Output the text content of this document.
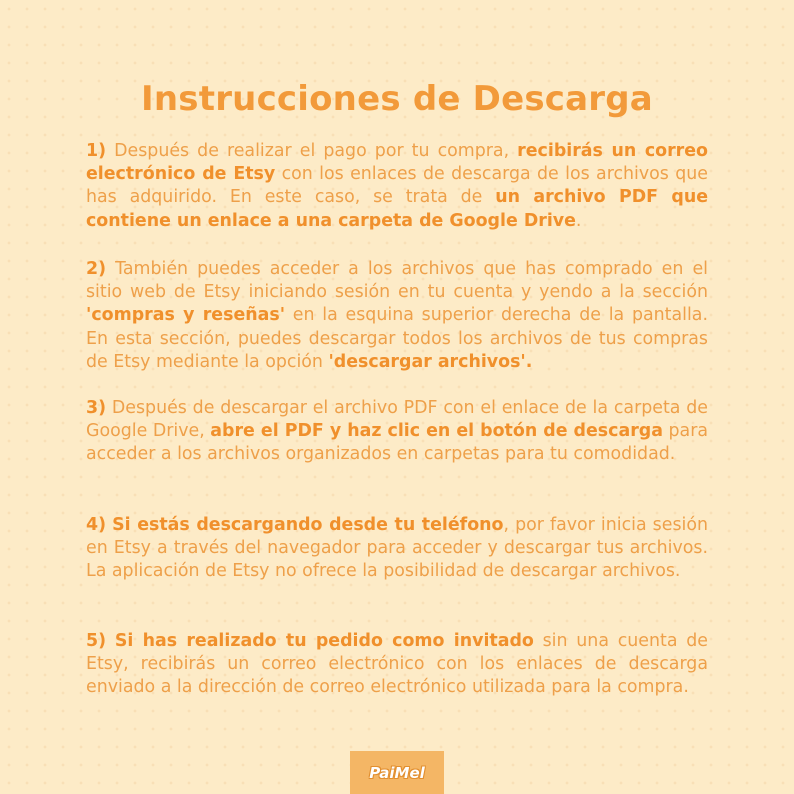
Instrucciones de Descarga

1) Después de realizar el pago por tu compra, recibirás un correo electrónico de Etsy con los enlaces de descarga de los archivos que has adquirido. En este caso, se trata de un archivo PDF que contiene un enlace a una carpeta de Google Drive.

2) También puedes acceder a los archivos que has comprado en el sitio web de Etsy iniciando sesión en tu cuenta y yendo a la sección 'compras y reseñas' en la esquina superior derecha de la pantalla. En esta sección, puedes descargar todos los archivos de tus compras de Etsy mediante la opción 'descargar archivos'.

3) Después de descargar el archivo PDF con el enlace de la carpeta de Google Drive, abre el PDF y haz clic en el botón de descarga para acceder a los archivos organizados en carpetas para tu comodidad.

4) Si estás descargando desde tu teléfono, por favor inicia sesión en Etsy a través del navegador para acceder y descargar tus archivos. La aplicación de Etsy no ofrece la posibilidad de descargar archivos.

5) Si has realizado tu pedido como invitado sin una cuenta de Etsy, recibirás un correo electrónico con los enlaces de descarga enviado a la dirección de correo electrónico utilizada para la compra.

PaiMel
